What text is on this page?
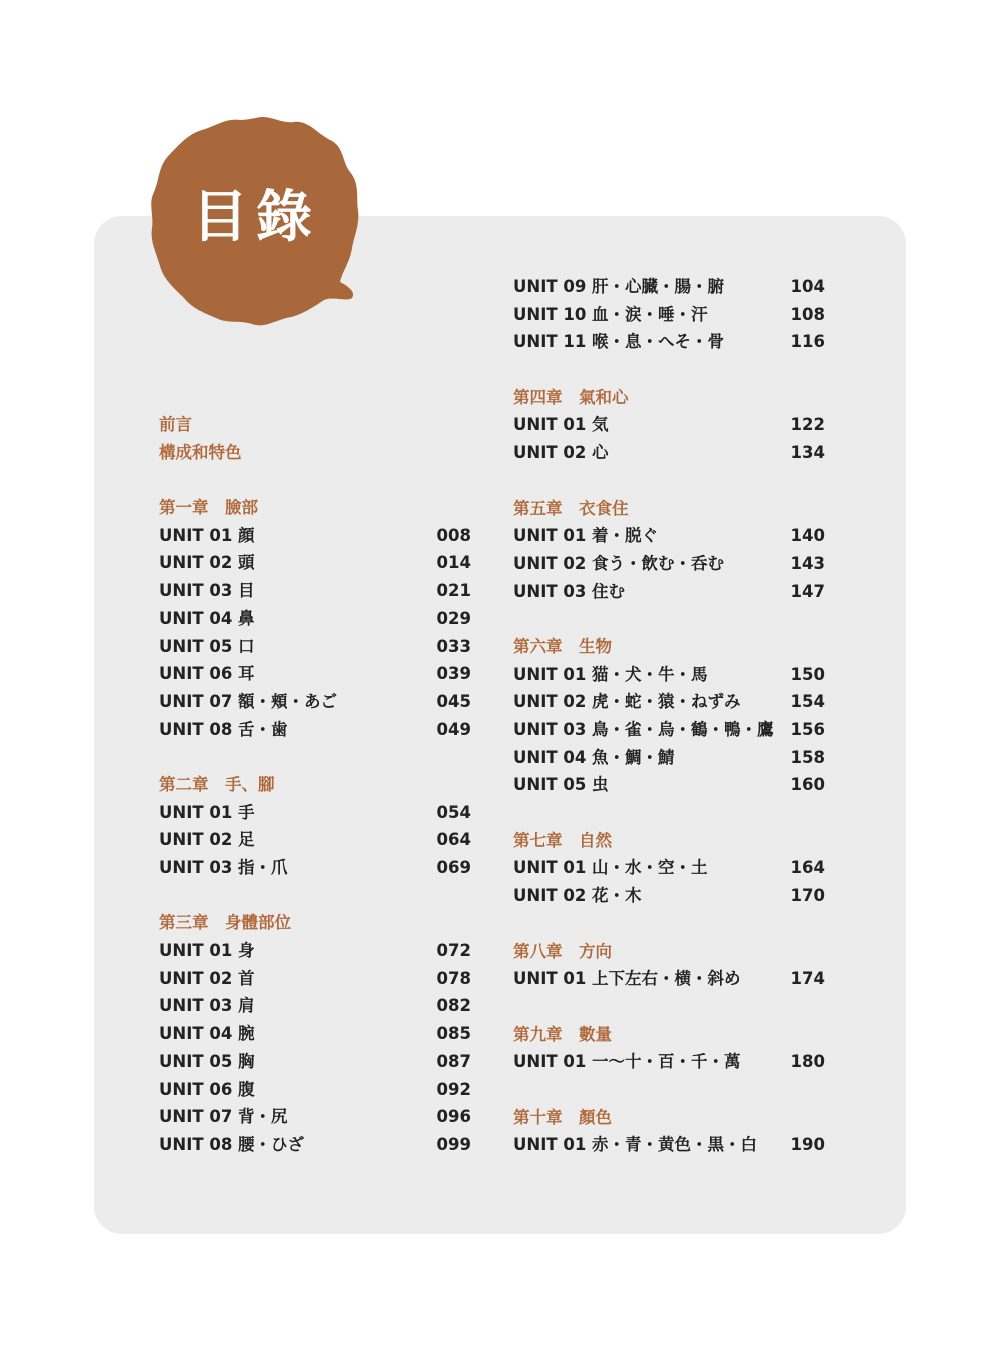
目錄
前言
構成和特色
第一章　臉部
UNIT 01 顔	008
UNIT 02 頭	014
UNIT 03 目	021
UNIT 04 鼻	029
UNIT 05 口	033
UNIT 06 耳	039
UNIT 07 額・頬・あご	045
UNIT 08 舌・歯	049
第二章　手、腳
UNIT 01 手	054
UNIT 02 足	064
UNIT 03 指・爪	069
第三章　身體部位
UNIT 01 身	072
UNIT 02 首	078
UNIT 03 肩	082
UNIT 04 腕	085
UNIT 05 胸	087
UNIT 06 腹	092
UNIT 07 背・尻	096
UNIT 08 腰・ひざ	099
UNIT 09 肝・心臓・腸・腑	104
UNIT 10 血・涙・唾・汗	108
UNIT 11 喉・息・へそ・骨	116
第四章　氣和心
UNIT 01 気	122
UNIT 02 心	134
第五章　衣食住
UNIT 01 着・脱ぐ	140
UNIT 02 食う・飲む・呑む	143
UNIT 03 住む	147
第六章　生物
UNIT 01 猫・犬・牛・馬	150
UNIT 02 虎・蛇・猿・ねずみ	154
UNIT 03 鳥・雀・烏・鶴・鴨・鷹 156
UNIT 04 魚・鯛・鯖	158
UNIT 05 虫	160
第七章　自然
UNIT 01 山・水・空・土	164
UNIT 02 花・木	170
第八章　方向
UNIT 01 上下左右・横・斜め	174
第九章　數量
UNIT 01 一～十・百・千・萬	180
第十章　顏色
UNIT 01 赤・青・黄色・黒・白 190
